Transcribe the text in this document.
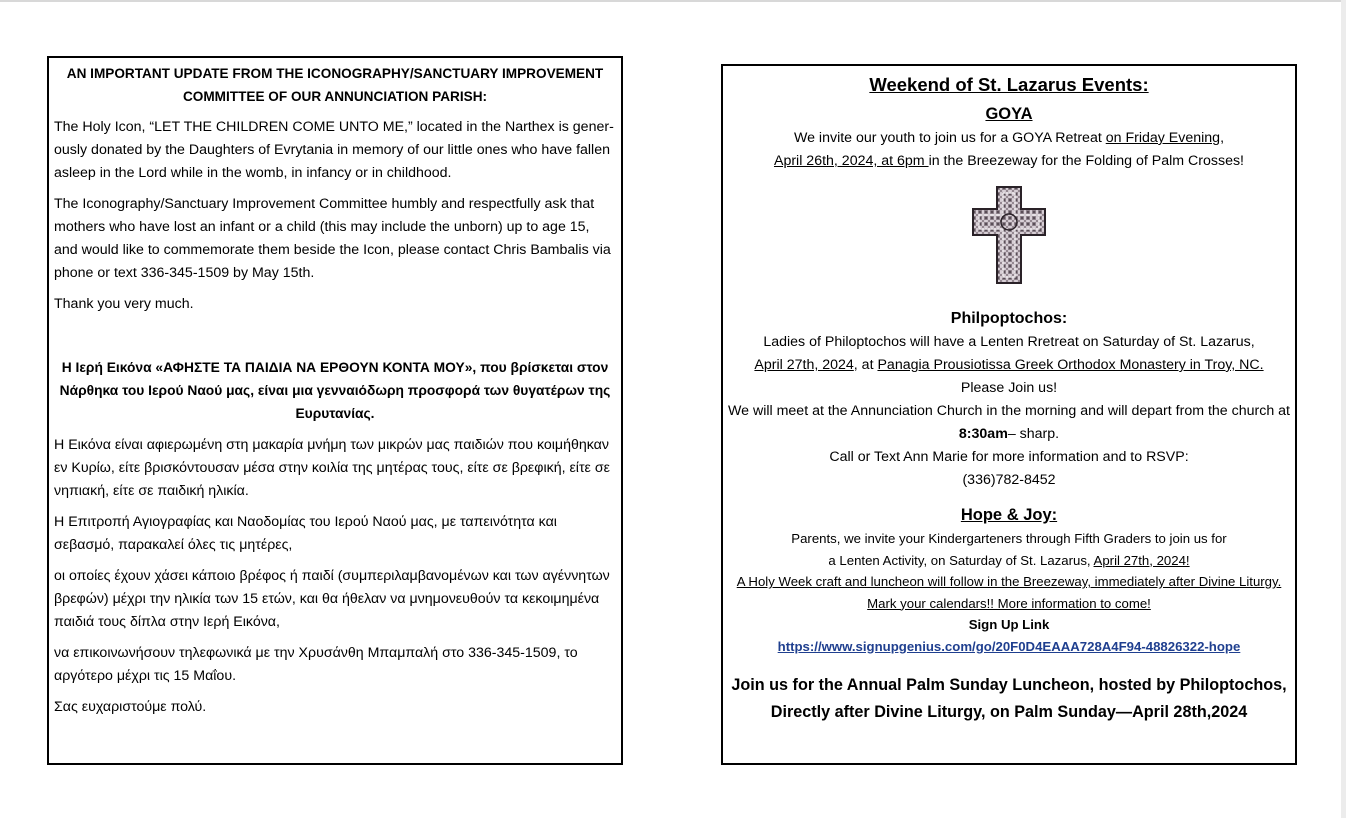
AN IMPORTANT UPDATE FROM THE ICONOGRAPHY/SANCTUARY IMPROVEMENT COMMITTEE OF OUR ANNUNCIATION PARISH:

The Holy Icon, “LET THE CHILDREN COME UNTO ME,” located in the Narthex is gener-ously donated by the Daughters of Evrytania in memory of our little ones who have fallen asleep in the Lord while in the womb, in infancy or in childhood.

The Iconography/Sanctuary Improvement Committee humbly and respectfully ask that mothers who have lost an infant or a child (this may include the unborn) up to age 15, and would like to commemorate them beside the Icon, please contact Chris Bambalis via phone or text 336-345-1509 by May 15th.

Thank you very much.

Η Ιερή Εικόνα «ΑΦΗΣΤΕ ΤΑ ΠΑΙΔΙΑ ΝΑ ΕΡΘΟΥΝ ΚΟΝΤΑ ΜΟΥ», που βρίσκεται στον Νάρθηκα του Ιερού Ναού μας, είναι μια γενναιόδωρη προσφορά των θυγατέρων της Ευρυτανίας.

Η Εικόνα είναι αφιερωμένη στη μακαρία μνήμη των μικρών μας παιδιών που κοιμήθηκαν εν Κυρίω, είτε βρισκόντουσαν μέσα στην κοιλία της μητέρας τους, είτε σε βρεφική, είτε σε νηπιακή, είτε σε παιδική ηλικία.

Η Επιτροπή Αγιογραφίας και Ναοδομίας του Ιερού Ναού μας, με ταπεινότητα και σεβασμό, παρακαλεί όλες τις μητέρες,

οι οποίες έχουν χάσει κάποιο βρέφος ή παιδί (συμπεριλαμβανομένων και των αγέννητων βρεφών) μέχρι την ηλικία των 15 ετών, και θα ήθελαν να μνημονευθούν τα κεκοιμημένα παιδιά τους δίπλα στην Ιερή Εικόνα,

να επικοινωνήσουν τηλεφωνικά με την Χρυσάνθη Μπαμπαλή στο 336-345-1509, το αργότερο μέχρι τις 15 Μαΐου.

Σας ευχαριστούμε πολύ.

Weekend of St. Lazarus Events:

GOYA

We invite our youth to join us for a GOYA Retreat on Friday Evening,
April 26th, 2024, at 6pm in the Breezeway for the Folding of Palm Crosses!

Philpoptochos:

Ladies of Philoptochos will have a Lenten Rretreat on Saturday of St. Lazarus,

April 27th, 2024, at Panagia Prousiotissa Greek Orthodox Monastery in Troy, NC.

Please Join us!

We will meet at the Annunciation Church in the morning and will depart from the church at 8:30am– sharp.

Call or Text Ann Marie for more information and to RSVP:

(336)782-8452

Hope & Joy:

Parents, we invite your Kindergarteners through Fifth Graders to join us for

a Lenten Activity, on Saturday of St. Lazarus, April 27th, 2024!

A Holy Week craft and luncheon will follow in the Breezeway, immediately after Divine Liturgy.

Mark your calendars!! More information to come!

Sign Up Link

https://www.signupgenius.com/go/20F0D4EAAA728A4F94-48826322-hope

Join us for the Annual Palm Sunday Luncheon, hosted by Philoptochos,

Directly after Divine Liturgy, on Palm Sunday—April 28th,2024
